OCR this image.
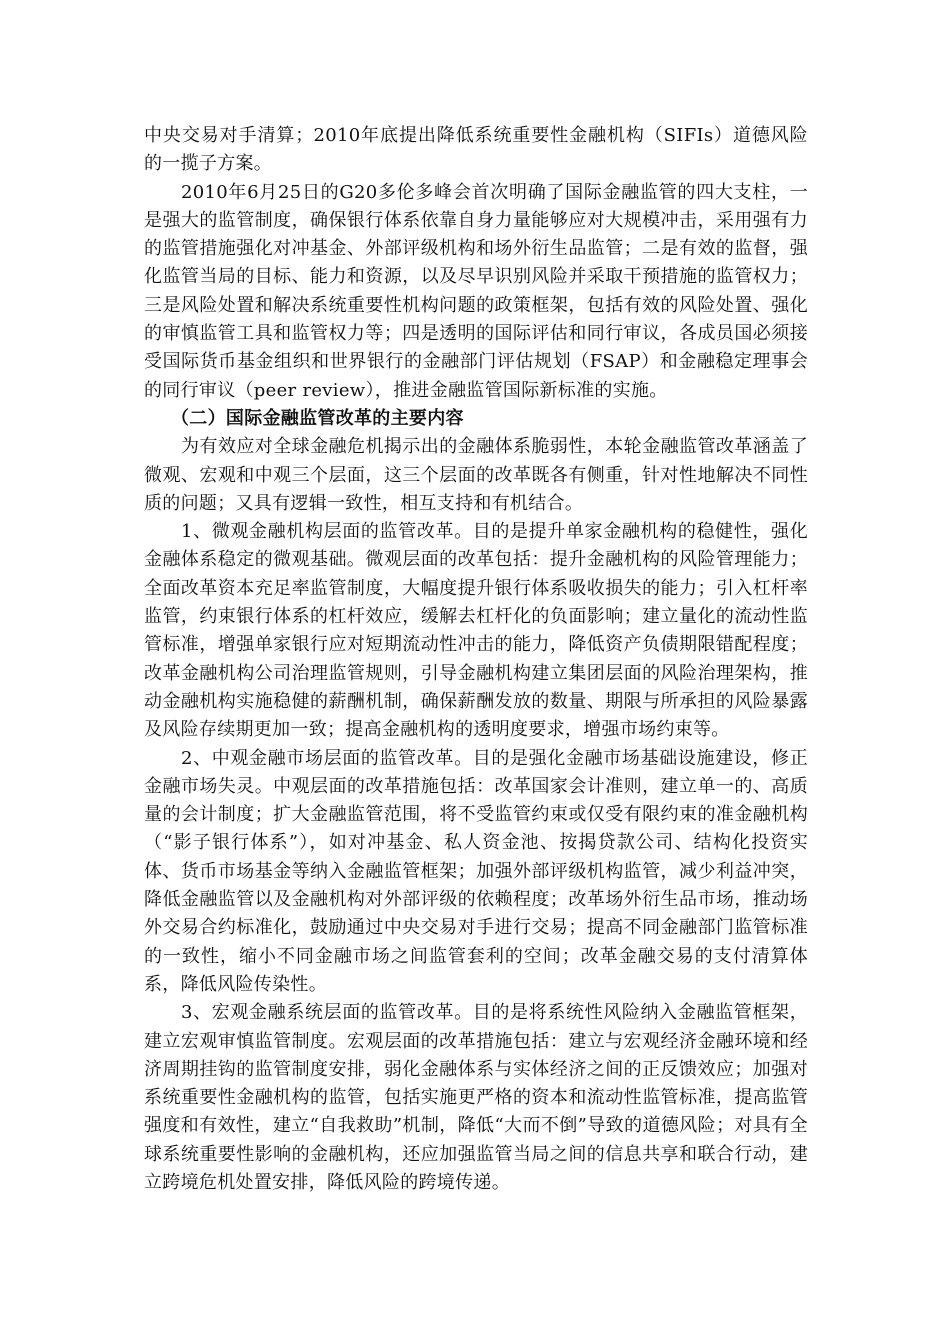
中央交易对手清算；2010年底提出降低系统重要性金融机构（SIFIs）道德风险的一揽子方案。

2010年6月25日的G20多伦多峰会首次明确了国际金融监管的四大支柱，一是强大的监管制度，确保银行体系依靠自身力量能够应对大规模冲击，采用强有力的监管措施强化对冲基金、外部评级机构和场外衍生品监管；二是有效的监督，强化监管当局的目标、能力和资源，以及尽早识别风险并采取干预措施的监管权力；三是风险处置和解决系统重要性机构问题的政策框架，包括有效的风险处置、强化的审慎监管工具和监管权力等；四是透明的国际评估和同行审议，各成员国必须接受国际货币基金组织和世界银行的金融部门评估规划（FSAP）和金融稳定理事会的同行审议（peer review），推进金融监管国际新标准的实施。

（二）国际金融监管改革的主要内容

为有效应对全球金融危机揭示出的金融体系脆弱性，本轮金融监管改革涵盖了微观、宏观和中观三个层面，这三个层面的改革既各有侧重，针对性地解决不同性质的问题；又具有逻辑一致性，相互支持和有机结合。

1、微观金融机构层面的监管改革。目的是提升单家金融机构的稳健性，强化金融体系稳定的微观基础。微观层面的改革包括：提升金融机构的风险管理能力；全面改革资本充足率监管制度，大幅度提升银行体系吸收损失的能力；引入杠杆率监管，约束银行体系的杠杆效应，缓解去杠杆化的负面影响；建立量化的流动性监管标准，增强单家银行应对短期流动性冲击的能力，降低资产负债期限错配程度；改革金融机构公司治理监管规则，引导金融机构建立集团层面的风险治理架构，推动金融机构实施稳健的薪酬机制，确保薪酬发放的数量、期限与所承担的风险暴露及风险存续期更加一致；提高金融机构的透明度要求，增强市场约束等。

2、中观金融市场层面的监管改革。目的是强化金融市场基础设施建设，修正金融市场失灵。中观层面的改革措施包括：改革国家会计准则，建立单一的、高质量的会计制度；扩大金融监管范围，将不受监管约束或仅受有限约束的准金融机构（“影子银行体系”），如对冲基金、私人资金池、按揭贷款公司、结构化投资实体、货币市场基金等纳入金融监管框架；加强外部评级机构监管，减少利益冲突，降低金融监管以及金融机构对外部评级的依赖程度；改革场外衍生品市场，推动场外交易合约标准化，鼓励通过中央交易对手进行交易；提高不同金融部门监管标准的一致性，缩小不同金融市场之间监管套利的空间；改革金融交易的支付清算体系，降低风险传染性。

3、宏观金融系统层面的监管改革。目的是将系统性风险纳入金融监管框架，建立宏观审慎监管制度。宏观层面的改革措施包括：建立与宏观经济金融环境和经济周期挂钩的监管制度安排，弱化金融体系与实体经济之间的正反馈效应；加强对系统重要性金融机构的监管，包括实施更严格的资本和流动性监管标准，提高监管强度和有效性，建立“自我救助”机制，降低“大而不倒”导致的道德风险；对具有全球系统重要性影响的金融机构，还应加强监管当局之间的信息共享和联合行动，建立跨境危机处置安排，降低风险的跨境传递。
